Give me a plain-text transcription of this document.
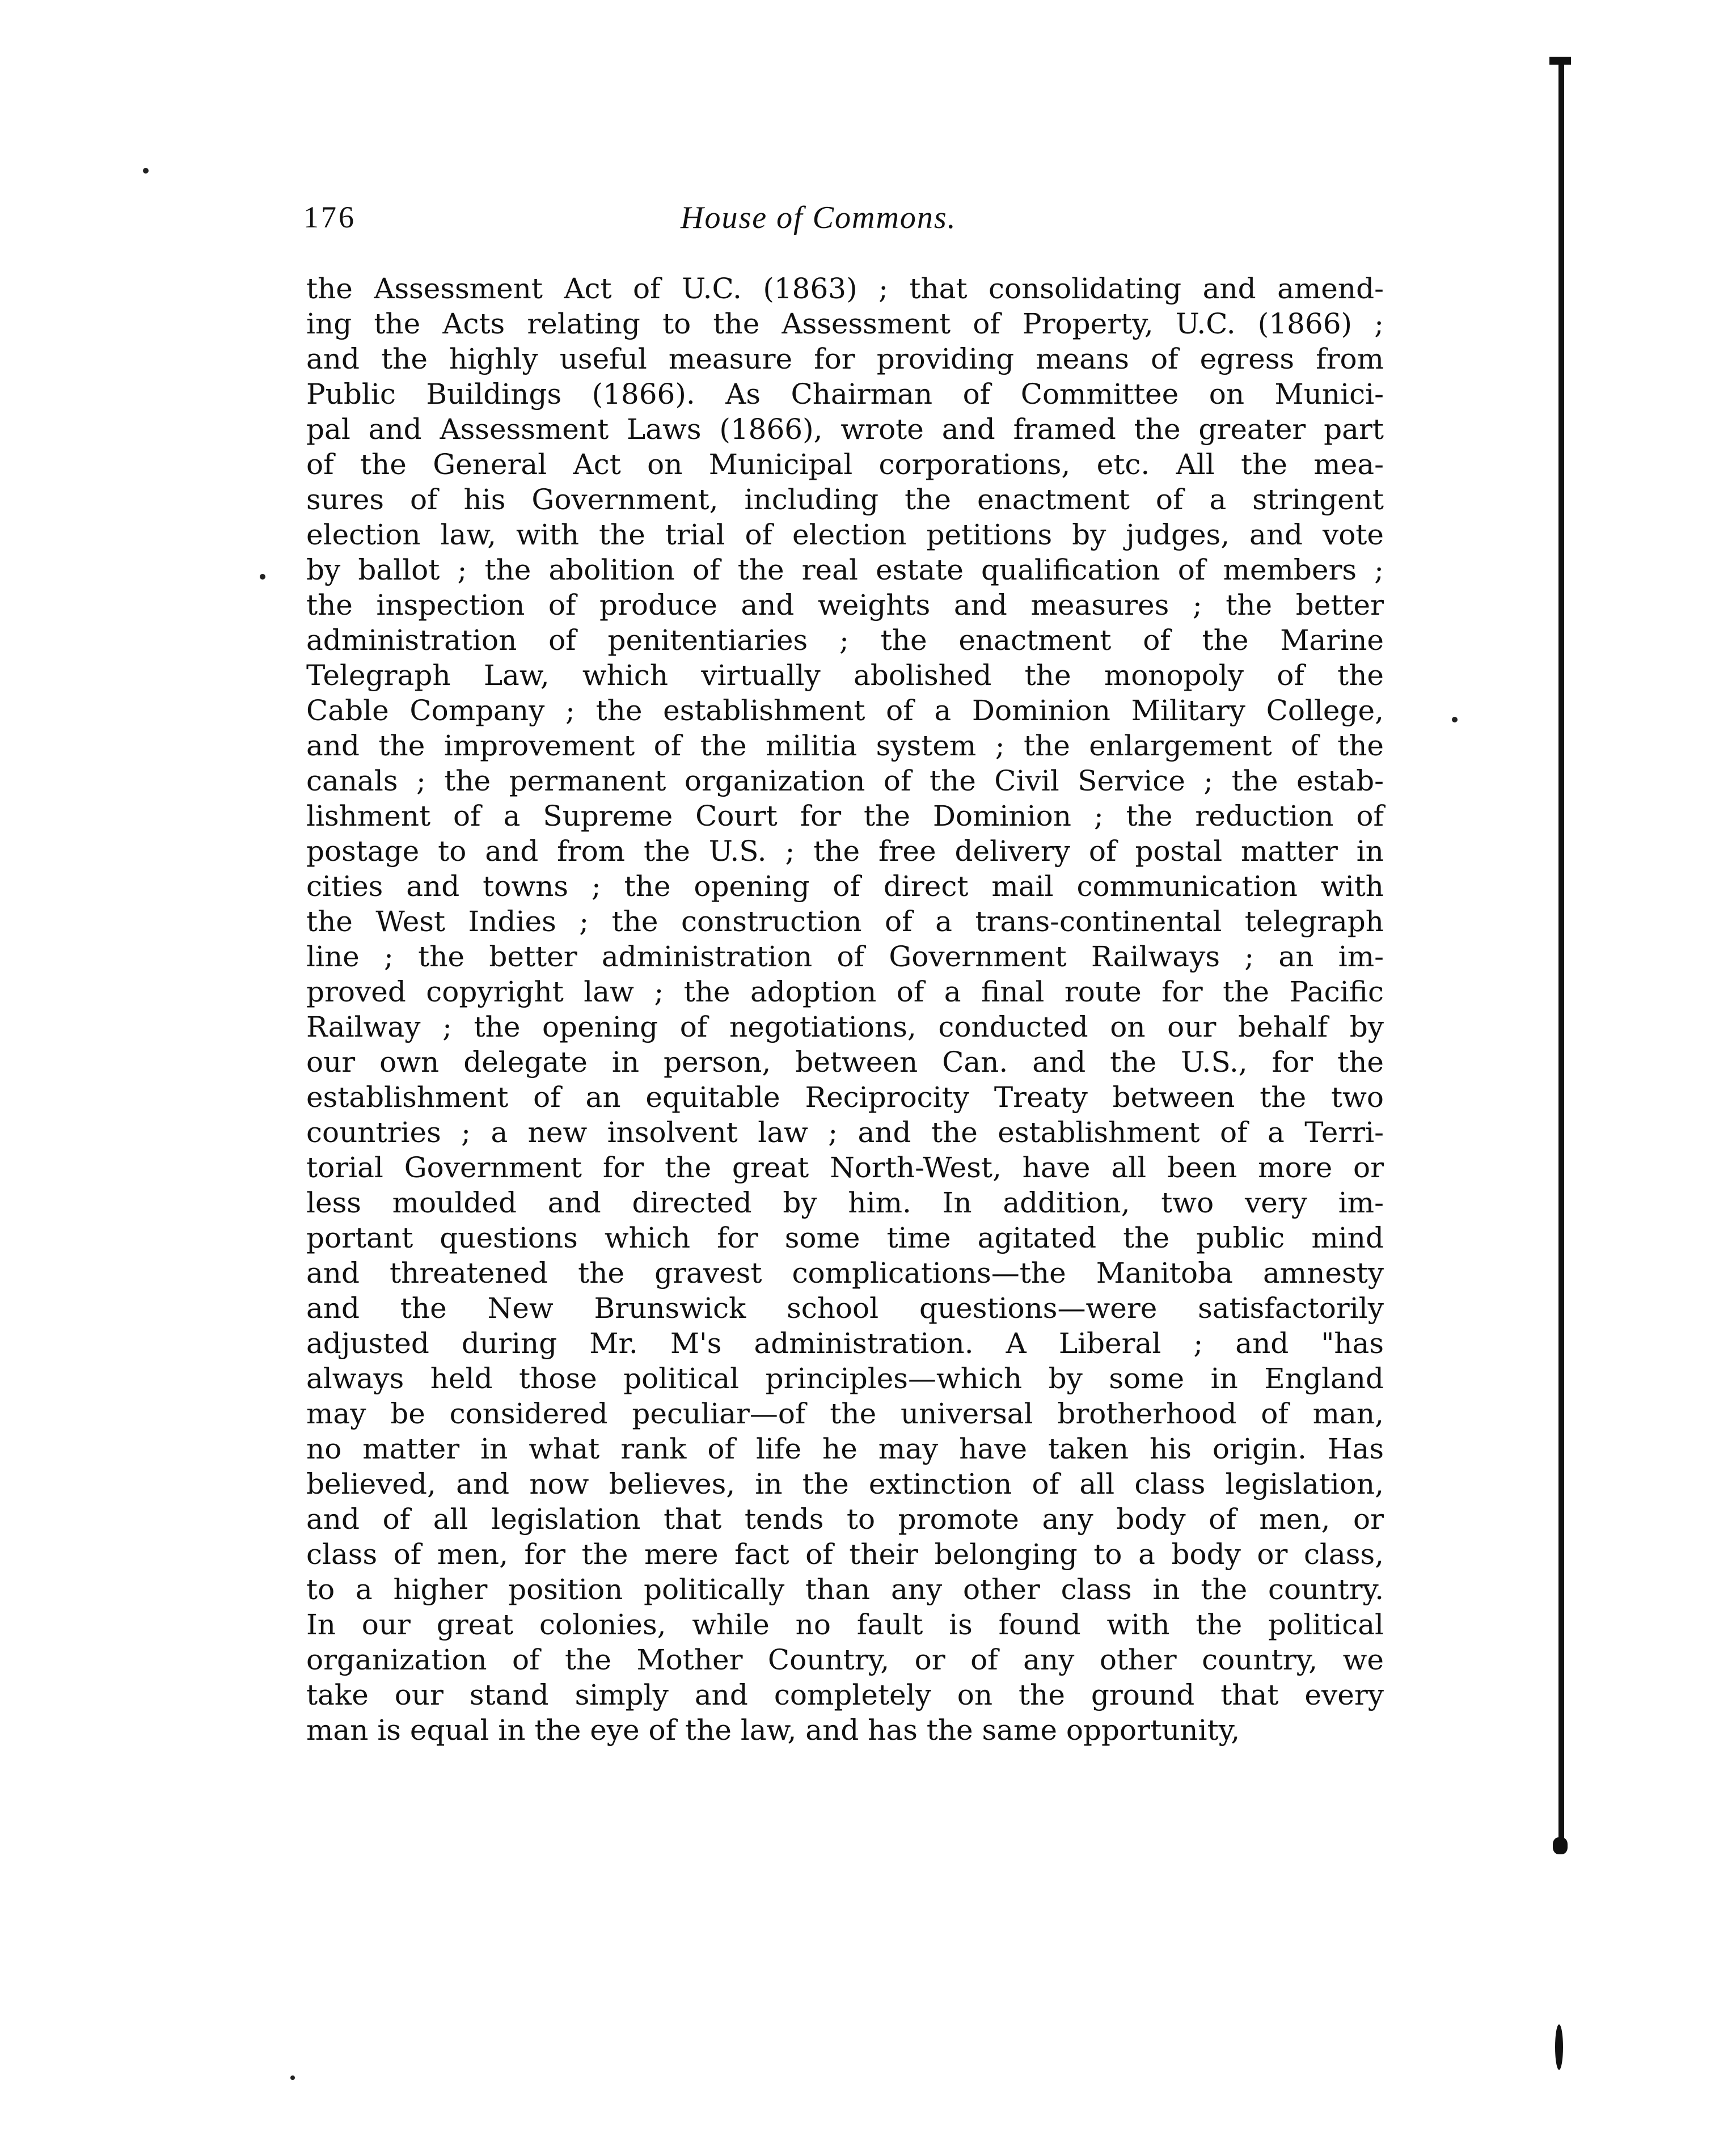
176	House of Commons.
the Assessment Act of U.C. (1863) ; that consolidating and amend-
ing the Acts relating to the Assessment of Property, U.C. (1866) ;
and the highly useful measure for providing means of egress from
Public Buildings (1866). As Chairman of Committee on Munici-
pal and Assessment Laws (1866), wrote and framed the greater part
of the General Act on Municipal corporations, etc. All the mea-
sures of his Government, including the enactment of a stringent
election law, with the trial of election petitions by judges, and vote
by ballot ; the abolition of the real estate qualification of members ;
the inspection of produce and weights and measures ; the better
administration of penitentiaries ; the enactment of the Marine
Telegraph Law, which virtually abolished the monopoly of the
Cable Company ; the establishment of a Dominion Military College,
and the improvement of the militia system ; the enlargement of the
canals ; the permanent organization of the Civil Service ; the estab-
lishment of a Supreme Court for the Dominion ; the reduction of
postage to and from the U.S. ; the free delivery of postal matter in
cities and towns ; the opening of direct mail communication with
the West Indies ; the construction of a trans-continental telegraph
line ; the better administration of Government Railways ; an im-
proved copyright law ; the adoption of a final route for the Pacific
Railway ; the opening of negotiations, conducted on our behalf by
our own delegate in person, between Can. and the U.S., for the
establishment of an equitable Reciprocity Treaty between the two
countries ; a new insolvent law ; and the establishment of a Terri-
torial Government for the great North-West, have all been more or
less moulded and directed by him. In addition, two very im-
portant questions which for some time agitated the public mind
and threatened the gravest complications—the Manitoba amnesty
and the New Brunswick school questions—were satisfactorily
adjusted during Mr. M's administration. A Liberal ; and "has
always held those political principles—which by some in England
may be considered peculiar—of the universal brotherhood of man,
no matter in what rank of life he may have taken his origin. Has
believed, and now believes, in the extinction of all class legislation,
and of all legislation that tends to promote any body of men, or
class of men, for the mere fact of their belonging to a body or class,
to a higher position politically than any other class in the country.
In our great colonies, while no fault is found with the political
organization of the Mother Country, or of any other country, we
take our stand simply and completely on the ground that every
man is equal in the eye of the law, and has the same opportunity,
